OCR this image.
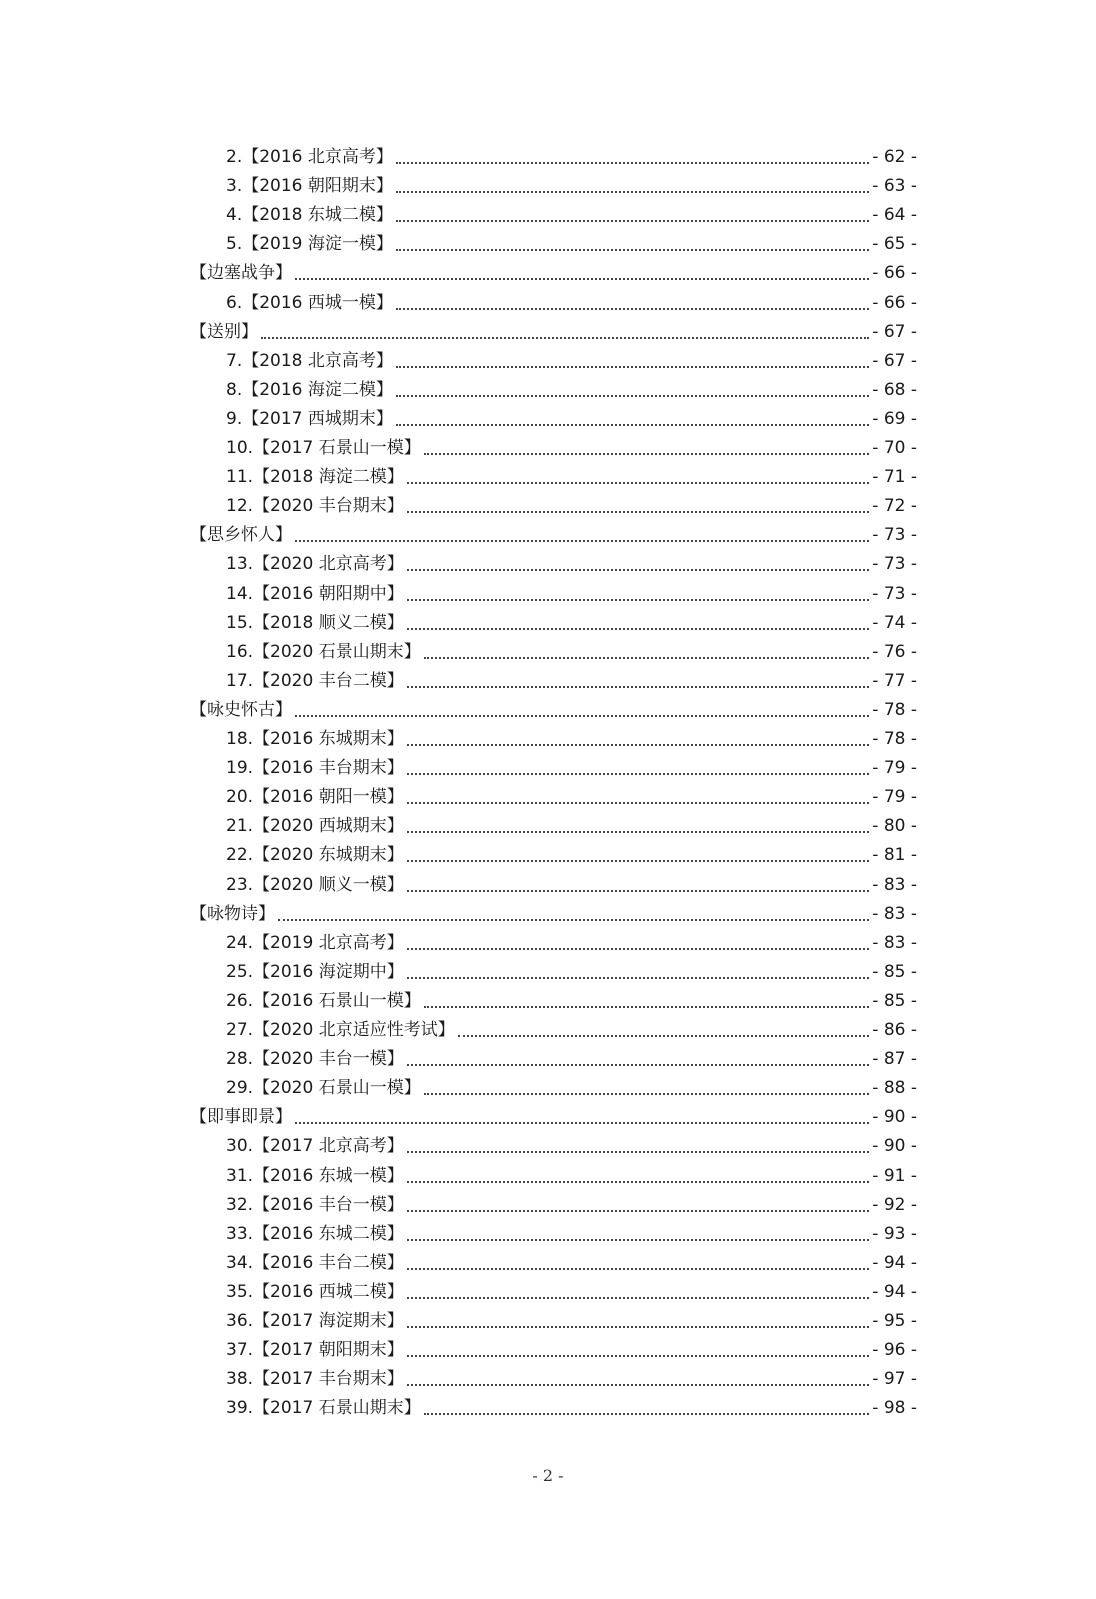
2. 【2016 北京高考】	- 62 -
3. 【2016 朝阳期末】	- 63 -
4. 【2018 东城二模】	- 64 -
5. 【2019 海淀一模】	- 65 -
【边塞战争】	- 66 -
6. 【2016 西城一模】	- 66 -
【送别】	- 67 -
7. 【2018 北京高考】	- 67 -
8. 【2016 海淀二模】	- 68 -
9. 【2017 西城期末】	- 69 -
10. 【2017 石景山一模】	- 70 -
11. 【2018 海淀二模】	- 71 -
12. 【2020 丰台期末】	- 72 -
【思乡怀人】	- 73 -
13. 【2020 北京高考】	- 73 -
14. 【2016 朝阳期中】	- 73 -
15. 【2018 顺义二模】	- 74 -
16. 【2020 石景山期末】	- 76 -
17. 【2020 丰台二模】	- 77 -
【咏史怀古】	- 78 -
18. 【2016 东城期末】	- 78 -
19. 【2016 丰台期末】	- 79 -
20. 【2016 朝阳一模】	- 79 -
21. 【2020 西城期末】	- 80 -
22. 【2020 东城期末】	- 81 -
23. 【2020 顺义一模】	- 83 -
【咏物诗】	- 83 -
24. 【2019 北京高考】	- 83 -
25. 【2016 海淀期中】	- 85 -
26. 【2016 石景山一模】	- 85 -
27. 【2020 北京适应性考试】	- 86 -
28. 【2020 丰台一模】	- 87 -
29. 【2020 石景山一模】	- 88 -
【即事即景】	- 90 -
30. 【2017 北京高考】	- 90 -
31. 【2016 东城一模】	- 91 -
32. 【2016 丰台一模】	- 92 -
33. 【2016 东城二模】	- 93 -
34. 【2016 丰台二模】	- 94 -
35. 【2016 西城二模】	- 94 -
36. 【2017 海淀期末】	- 95 -
37. 【2017 朝阳期末】	- 96 -
38. 【2017 丰台期末】	- 97 -
39. 【2017 石景山期末】	- 98 -
- 2 -
